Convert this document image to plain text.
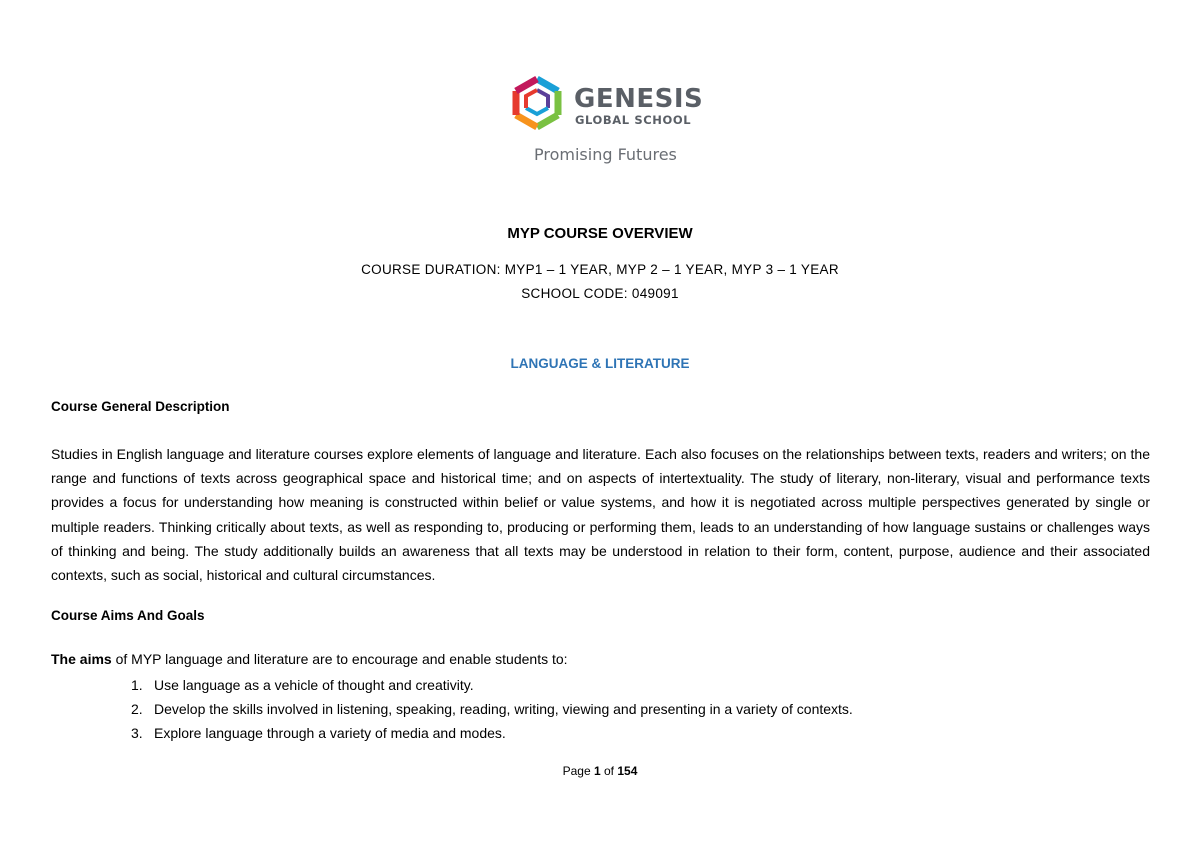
GENESIS
GLOBAL SCHOOL
Promising Futures
MYP COURSE OVERVIEW
COURSE DURATION: MYP1 – 1 YEAR, MYP 2 – 1 YEAR, MYP 3 – 1 YEAR
SCHOOL CODE: 049091
LANGUAGE & LITERATURE
Course General Description

Studies in English language and literature courses explore elements of language and literature. Each also focuses on the relationships between texts, readers and writers; on the range and functions of texts across geographical space and historical time; and on aspects of intertextuality. The study of literary, non-literary, visual and performance texts provides a focus for understanding how meaning is constructed within belief or value systems, and how it is negotiated across multiple perspectives generated by single or multiple readers. Thinking critically about texts, as well as responding to, producing or performing them, leads to an understanding of how language sustains or challenges ways of thinking and being. The study additionally builds an awareness that all texts may be understood in relation to their form, content, purpose, audience and their associated contexts, such as social, historical and cultural circumstances.

Course Aims And Goals
The aims of MYP language and literature are to encourage and enable students to:
1. Use language as a vehicle of thought and creativity.
2. Develop the skills involved in listening, speaking, reading, writing, viewing and presenting in a variety of contexts.
3. Explore language through a variety of media and modes.
Page 1 of 154
